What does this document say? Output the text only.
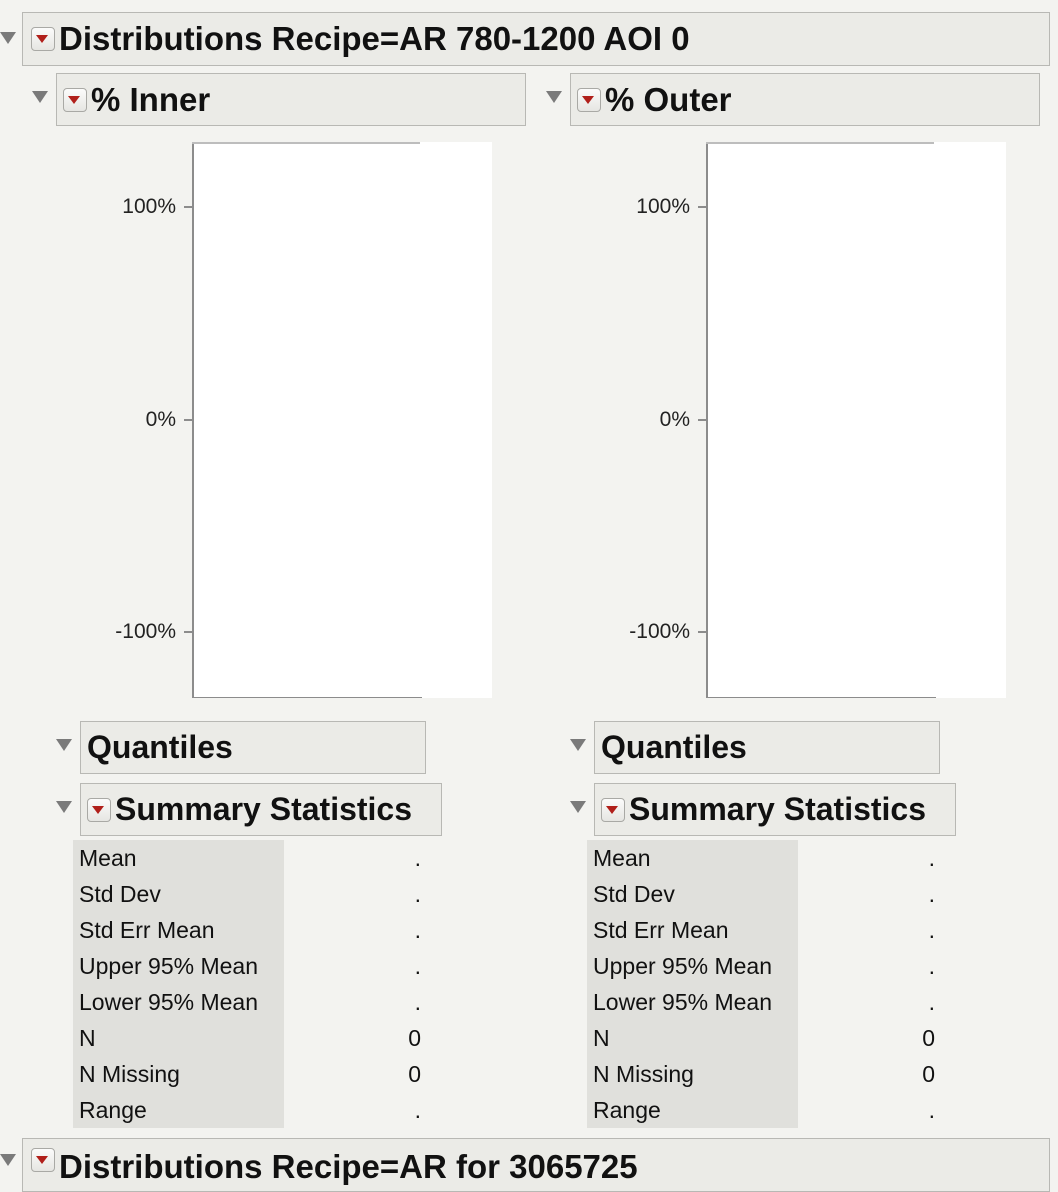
Distributions Recipe=AR 780-1200 AOI 0
% Inner
100%
0%
-100%
Quantiles
Summary Statistics
Mean	.
Std Dev	.
Std Err Mean	.
Upper 95% Mean	.
Lower 95% Mean	.
N	0
N Missing	0
Range	.
% Outer
100%
0%
-100%
Quantiles
Summary Statistics
Mean	.
Std Dev	.
Std Err Mean	.
Upper 95% Mean	.
Lower 95% Mean	.
N	0
N Missing	0
Range	.
Distributions Recipe=AR for 3065725
